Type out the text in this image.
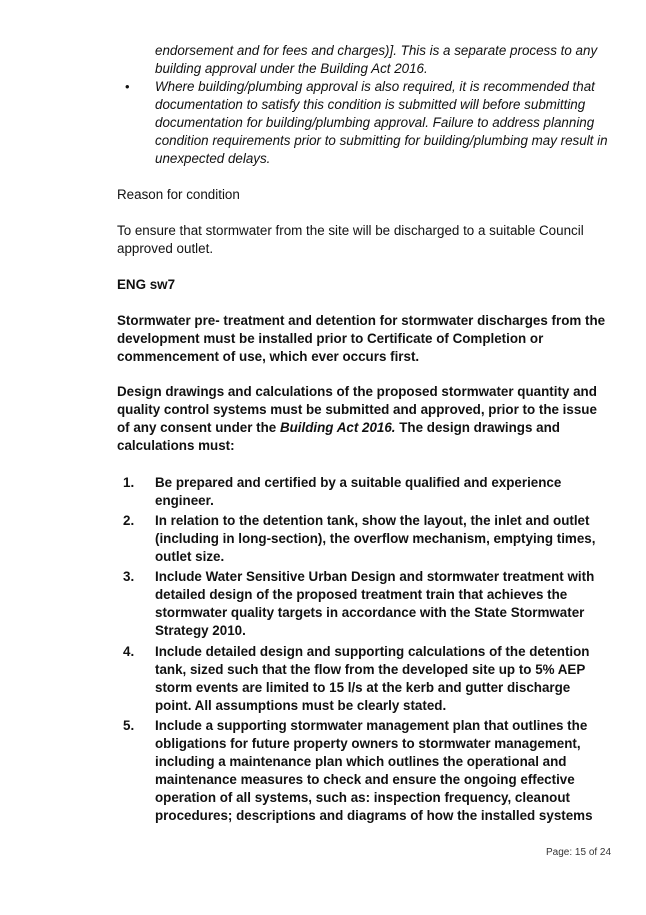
endorsement and for fees and charges)]. This is a separate process to any building approval under the Building Act 2016.
• Where building/plumbing approval is also required, it is recommended that documentation to satisfy this condition is submitted will before submitting documentation for building/plumbing approval. Failure to address planning condition requirements prior to submitting for building/plumbing may result in unexpected delays.
Reason for condition
To ensure that stormwater from the site will be discharged to a suitable Council approved outlet.
ENG sw7
Stormwater pre- treatment and detention for stormwater discharges from the development must be installed prior to Certificate of Completion or commencement of use, which ever occurs first.
Design drawings and calculations of the proposed stormwater quantity and quality control systems must be submitted and approved, prior to the issue of any consent under the Building Act 2016. The design drawings and calculations must:
1. Be prepared and certified by a suitable qualified and experience engineer.
2. In relation to the detention tank, show the layout, the inlet and outlet (including in long-section), the overflow mechanism, emptying times, outlet size.
3. Include Water Sensitive Urban Design and stormwater treatment with detailed design of the proposed treatment train that achieves the stormwater quality targets in accordance with the State Stormwater Strategy 2010.
4. Include detailed design and supporting calculations of the detention tank, sized such that the flow from the developed site up to 5% AEP storm events are limited to 15 l/s at the kerb and gutter discharge point. All assumptions must be clearly stated.
5. Include a supporting stormwater management plan that outlines the obligations for future property owners to stormwater management, including a maintenance plan which outlines the operational and maintenance measures to check and ensure the ongoing effective operation of all systems, such as: inspection frequency, cleanout procedures; descriptions and diagrams of how the installed systems
Page: 15 of 24
